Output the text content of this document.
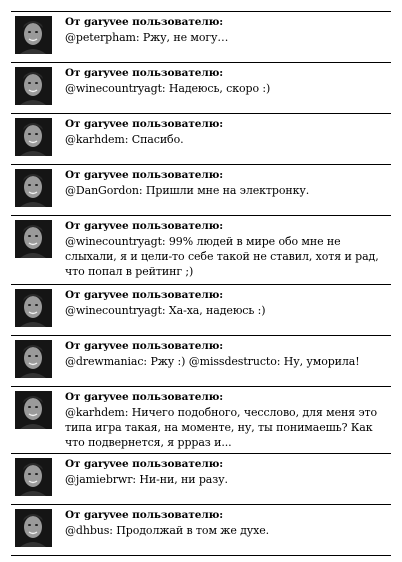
От garyvee пользователю:
@peterpham: Ржу, не могу…
От garyvee пользователю:
@winecountryagt: Надеюсь, скоро :)
От garyvee пользователю:
@karhdem: Спасибо.
От garyvee пользователю:
@DanGordon: Пришли мне на электронку.
От garyvee пользователю:
@winecountryagt: 99% людей в мире обо мне не слыхали, я и цели-то себе такой не ставил, хотя и рад, что попал в рейтинг ;)
От garyvee пользователю:
@winecountryagt: Ха-ха, надеюсь :)
От garyvee пользователю:
@drewmaniac: Ржу :) @missdestructo: Ну, уморила!
От garyvee пользователю:
@karhdem: Ничего подобного, чесслово, для меня это типа игра такая, на моменте, ну, ты понимаешь? Как что подвернется, я ррраз и...
От garyvee пользователю:
@jamiebrwr: Ни-ни, ни разу.
От garyvee пользователю:
@dhbus: Продолжай в том же духе.
